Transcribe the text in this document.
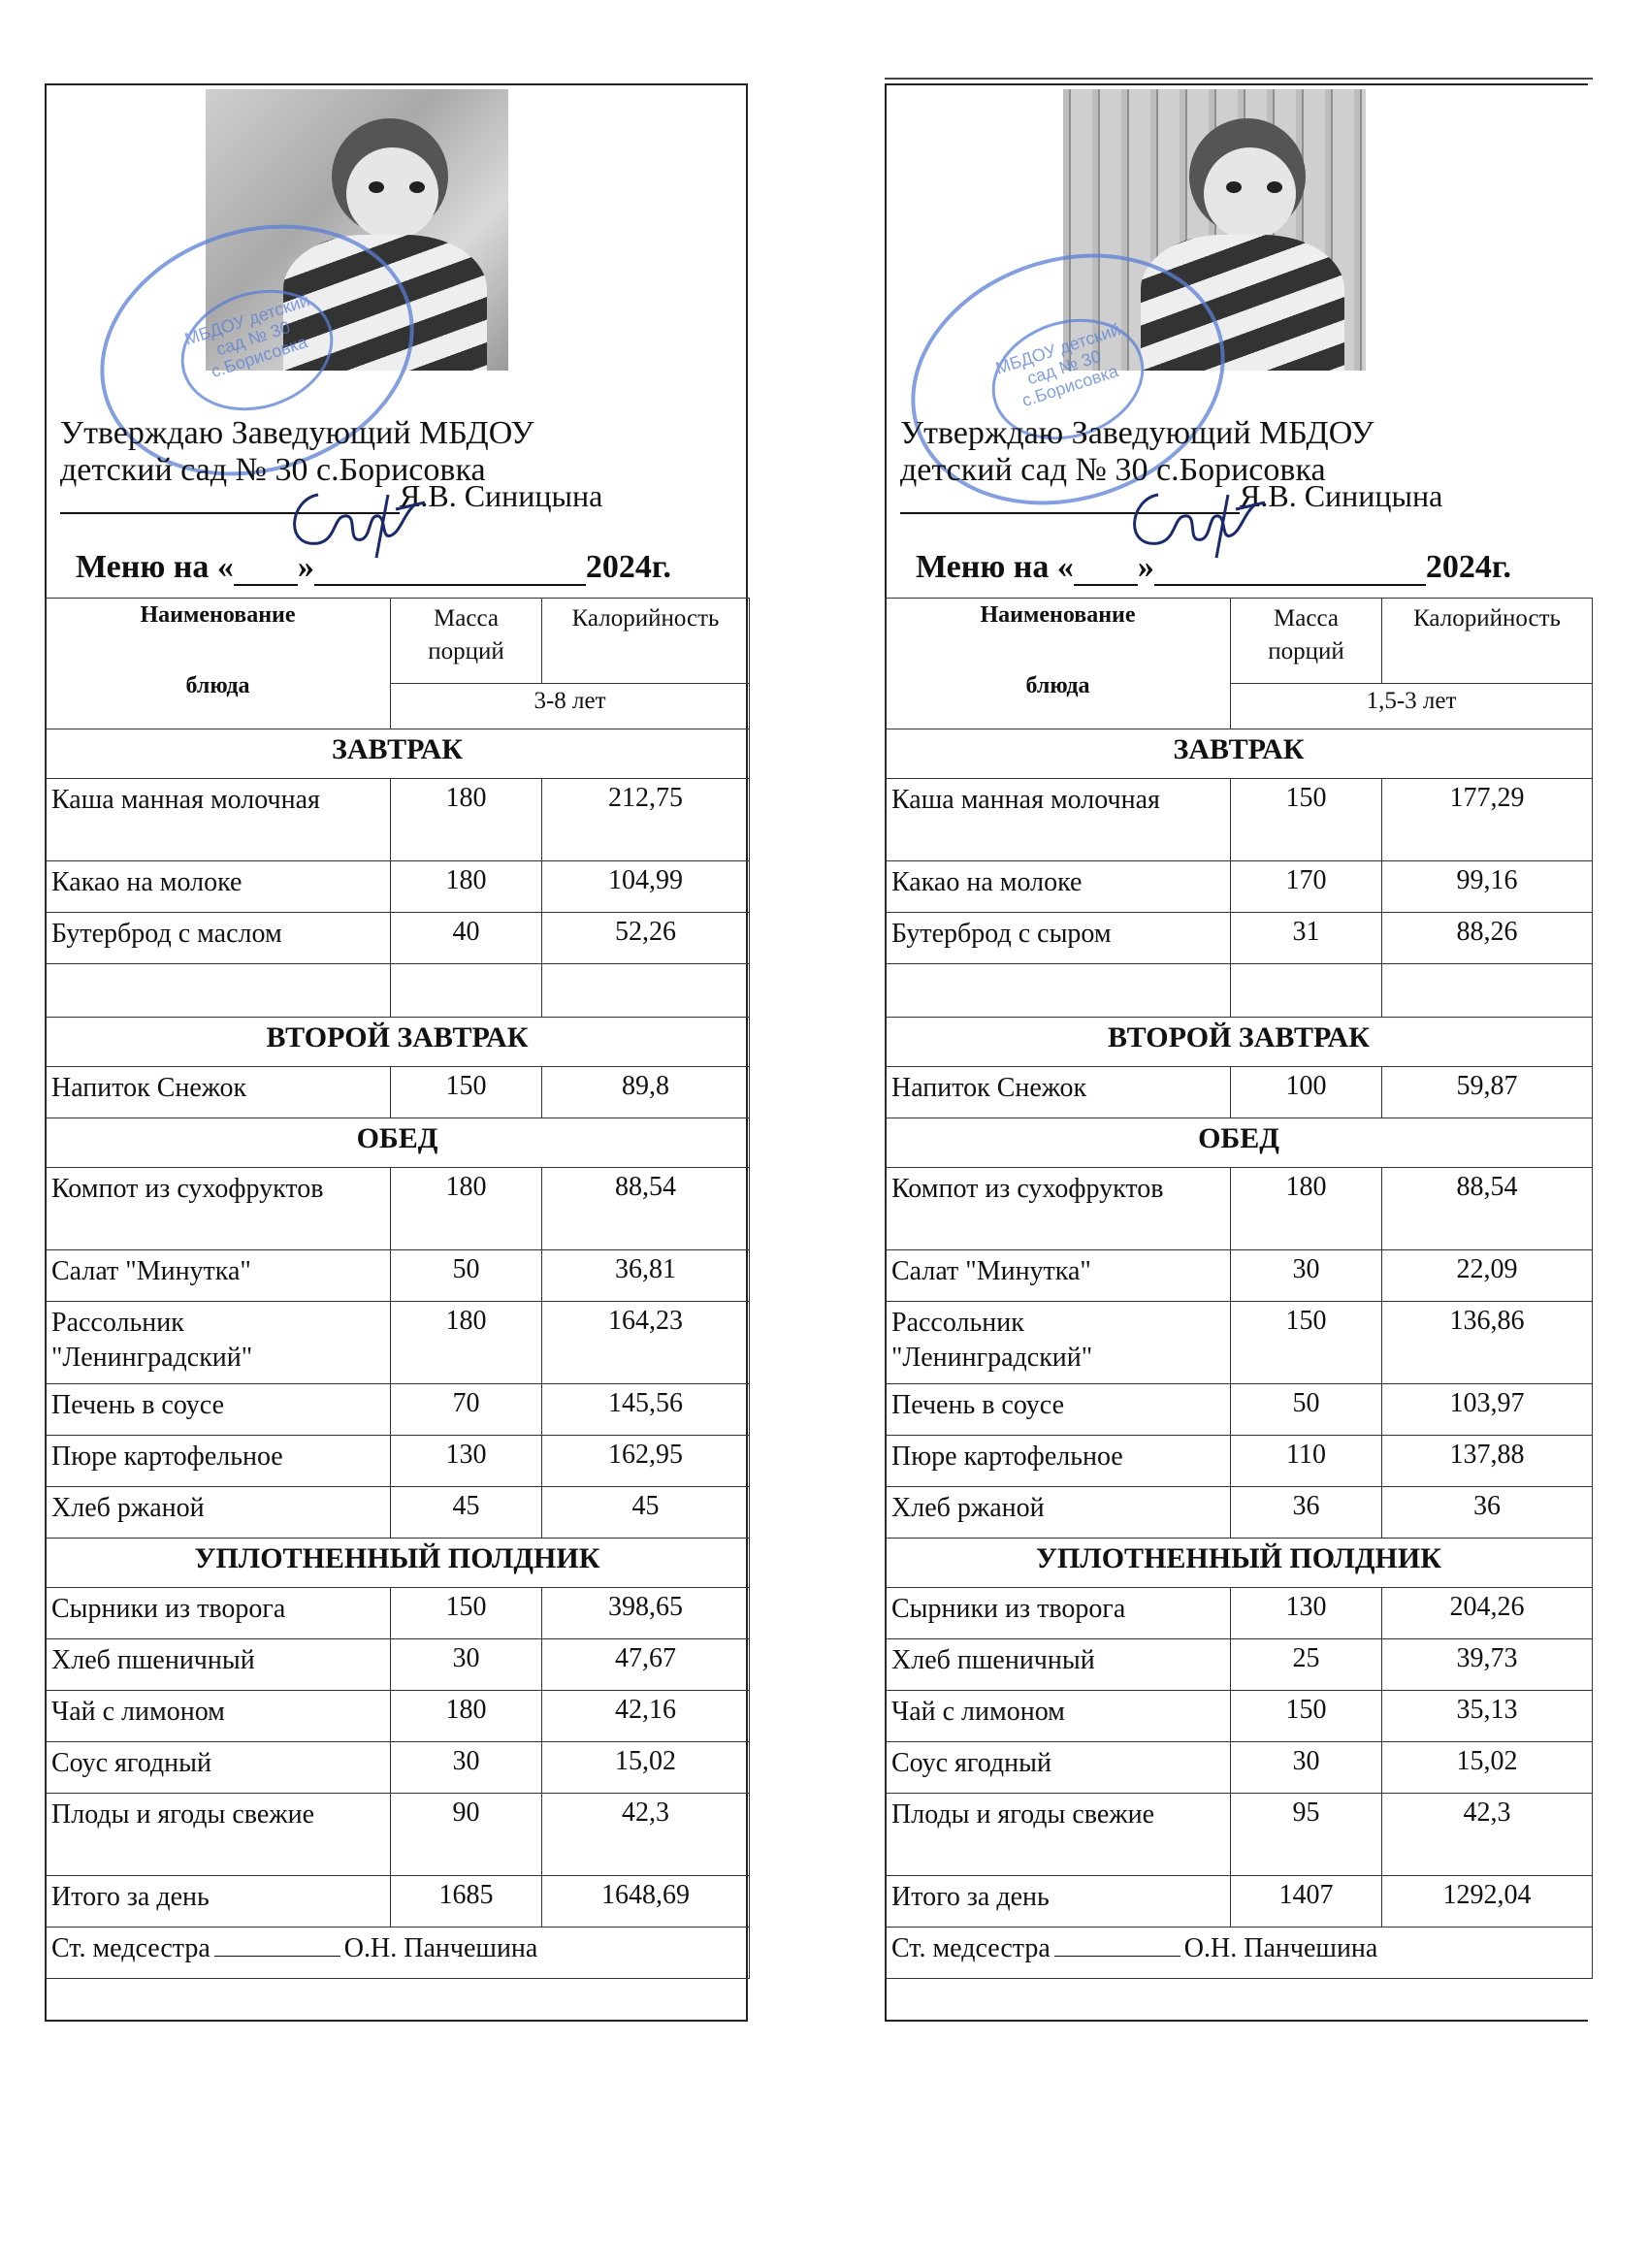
МБДОУ детский сад № 30 с.Борисовка
Утверждаю Заведующий МБДОУ
детский сад № 30 с.Борисовка
Я.В. Синицына
Меню на « »	2024г.
Наименование
блюда	Масса порций	Калорийность
	3-8 лет	
ЗАВТРАК		
Каша манная молочная	180	212,75
Какао на молоке	180	104,99
Бутерброд с маслом	40	52,26

ВТОРОЙ ЗАВТРАК		
Напиток Снежок	150	89,8
ОБЕД		
Компот из сухофруктов	180	88,54
Салат "Минутка"	50	36,81
Рассольник "Ленинградский"	180	164,23
Печень в соусе	70	145,56
Пюре картофельное	130	162,95
Хлеб ржаной	45	45
УПЛОТНЕННЫЙ ПОЛДНИК		
Сырники из творога	150	398,65
Хлеб пшеничный	30	47,67
Чай с лимоном	180	42,16
Соус ягодный	30	15,02
Плоды и ягоды свежие	90	42,3
Итого за день	1685	1648,69
Ст. медсестра О.Н. Панчешина		
МБДОУ детский сад № 30 с.Борисовка
Утверждаю Заведующий МБДОУ
детский сад № 30 с.Борисовка
Я.В. Синицына
Меню на « »	2024г.
Наименование
блюда	Масса порций	Калорийность
	1,5-3 лет	
ЗАВТРАК		
Каша манная молочная	150	177,29
Какао на молоке	170	99,16
Бутерброд с сыром	31	88,26

ВТОРОЙ ЗАВТРАК		
Напиток Снежок	100	59,87
ОБЕД		
Компот из сухофруктов	180	88,54
Салат "Минутка"	30	22,09
Рассольник "Ленинградский"	150	136,86
Печень в соусе	50	103,97
Пюре картофельное	110	137,88
Хлеб ржаной	36	36
УПЛОТНЕННЫЙ ПОЛДНИК		
Сырники из творога	130	204,26
Хлеб пшеничный	25	39,73
Чай с лимоном	150	35,13
Соус ягодный	30	15,02
Плоды и ягоды свежие	95	42,3
Итого за день	1407	1292,04
Ст. медсестра О.Н. Панчешина		
